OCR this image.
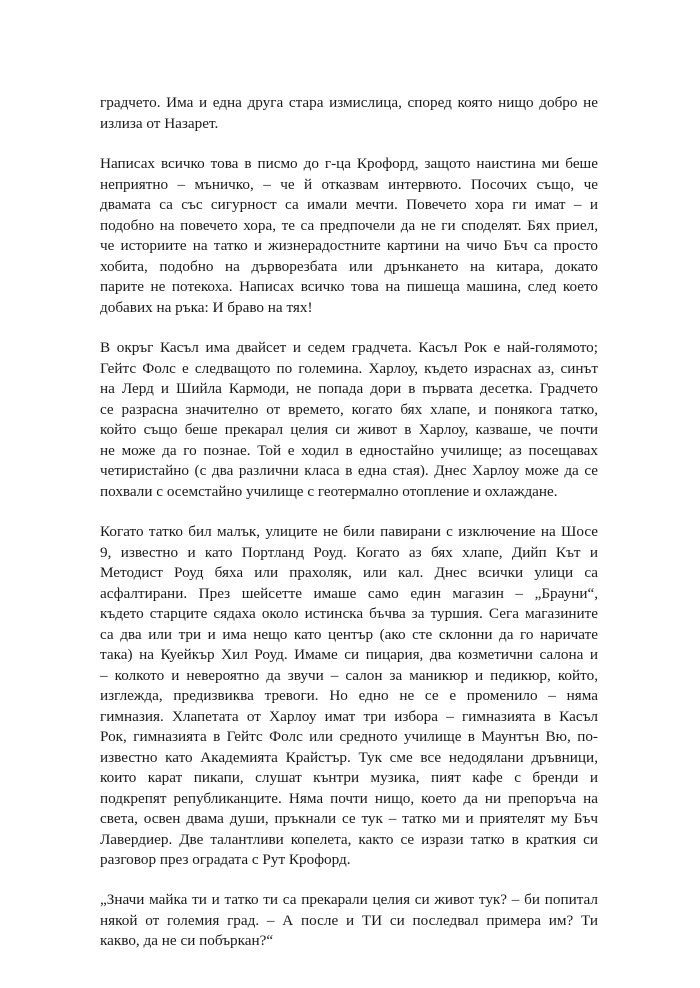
градчето. Има и една друга стара измислица, според която нищо добро не
излиза от Назарет.
Написах всичко това в писмо до г-ца Крофорд, защото наистина ми беше
неприятно – мъничко, – че й отказвам интервюто. Посочих също, че
двамата са със сигурност са имали мечти. Повечето хора ги имат – и
подобно на повечето хора, те са предпочели да не ги споделят. Бях приел,
че историите на татко и жизнерадостните картини на чичо Бъч са просто
хобита, подобно на дърворезбата или дрънкането на китара, докато
парите не потекоха. Написах всичко това на пишеща машина, след което
добавих на ръка: И браво на тях!
В окръг Касъл има двайсет и седем градчета. Касъл Рок е най-голямото;
Гейтс Фолс е следващото по големина. Харлоу, където израснах аз, синът
на Лерд и Шийла Кармоди, не попада дори в първата десетка. Градчето
се разрасна значително от времето, когато бях хлапе, и понякога татко,
който също беше прекарал целия си живот в Харлоу, казваше, че почти
не може да го познае. Той е ходил в едностайно училище; аз посещавах
четиристайно (с два различни класа в една стая). Днес Харлоу може да се
похвали с осемстайно училище с геотермално отопление и охлаждане.
Когато татко бил малък, улиците не били павирани с изключение на Шосе
9, известно и като Портланд Роуд. Когато аз бях хлапе, Дийп Кът и
Методист Роуд бяха или прахоляк, или кал. Днес всички улици са
асфалтирани. През шейсетте имаше само един магазин – „Брауни“,
където старците сядаха около истинска бъчва за туршия. Сега магазините
са два или три и има нещо като център (ако сте склонни да го наричате
така) на Куейкър Хил Роуд. Имаме си пицария, два козметични салона и
– колкото и невероятно да звучи – салон за маникюр и педикюр, който,
изглежда, предизвиква тревоги. Но едно не се е променило – няма
гимназия. Хлапетата от Харлоу имат три избора – гимназията в Касъл
Рок, гимназията в Гейтс Фолс или средното училище в Маунтън Вю, по-
известно като Академията Крайстър. Тук сме все недодялани дръвници,
които карат пикапи, слушат кънтри музика, пият кафе с бренди и
подкрепят републиканците. Няма почти нищо, което да ни препоръча на
света, освен двама души, пръкнали се тук – татко ми и приятелят му Бъч
Лавердиер. Две талантливи копелета, както се изрази татко в краткия си
разговор през оградата с Рут Крофорд.
„Значи майка ти и татко ти са прекарали целия си живот тук? – би попитал
някой от големия град. – А после и ТИ си последвал примера им? Ти
какво, да не си побъркан?“
